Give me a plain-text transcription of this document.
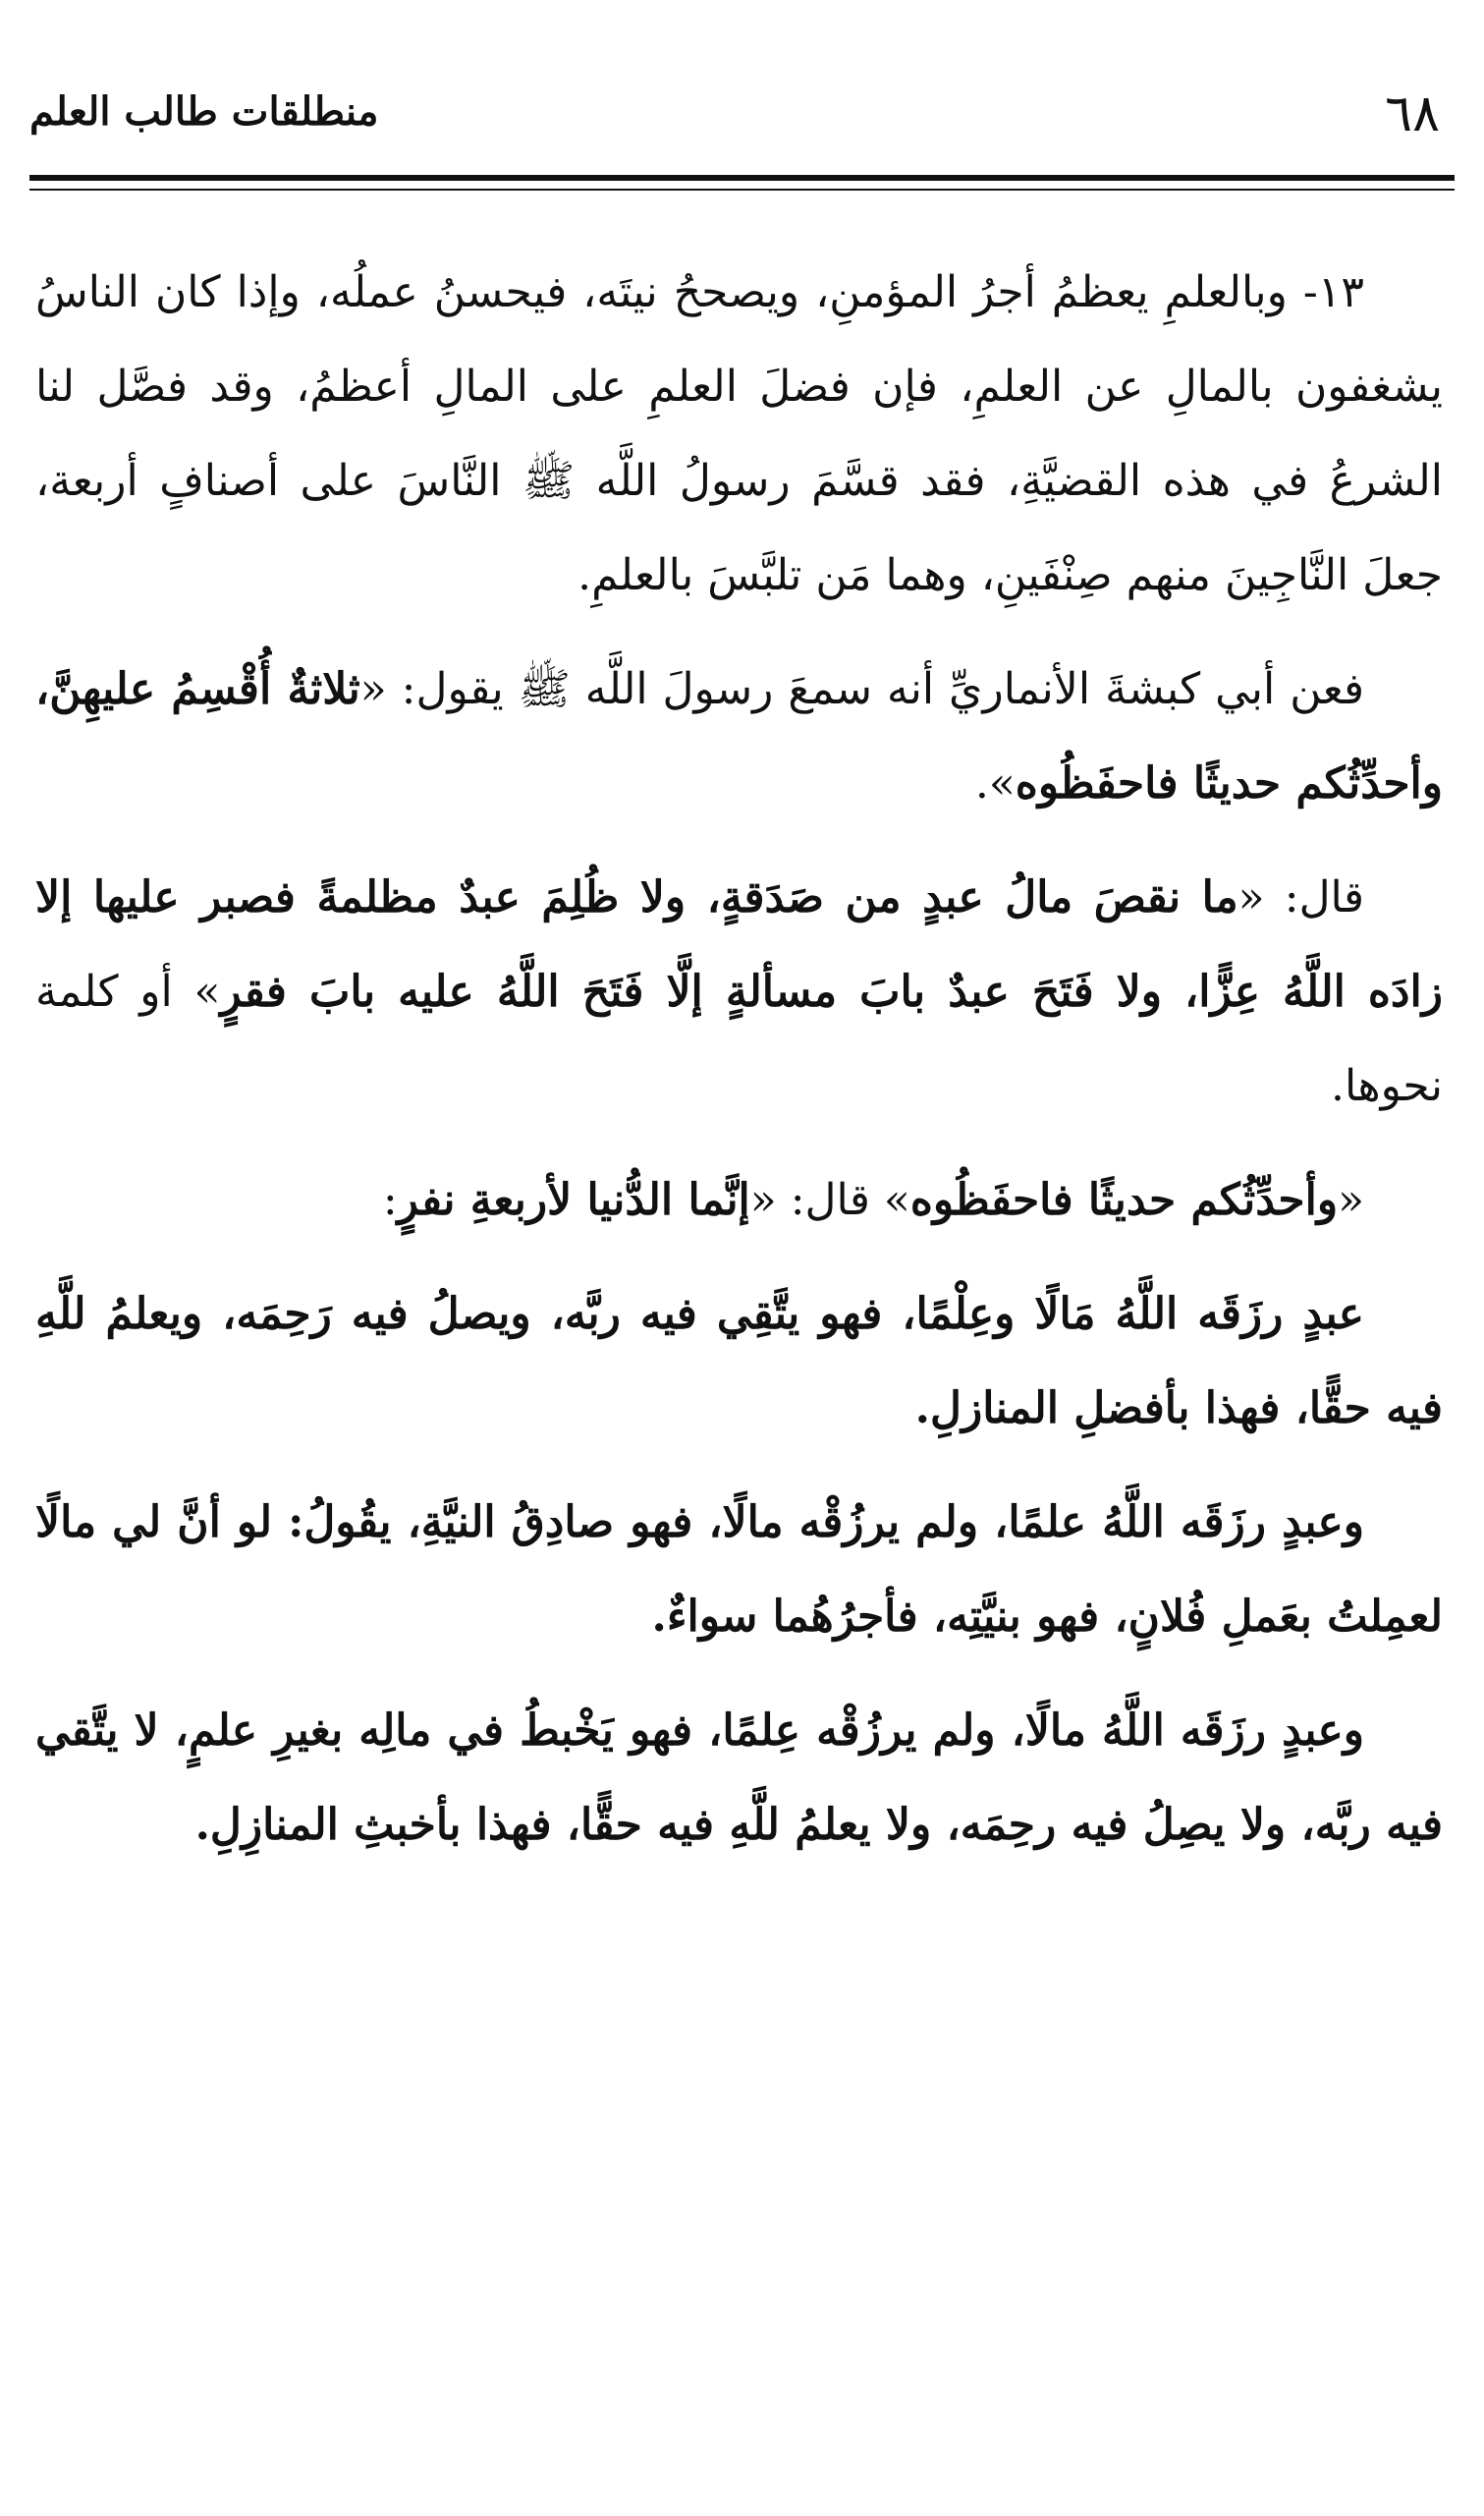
٦٨
منطلقات طالب العلم

١٣- وبالعلمِ يعظمُ أجرُ المؤمنِ، ويصححُ نيتَه، فيحسنُ عملُه، وإذا كان الناسُ يشغفون بالمالِ عن العلمِ، فإن فضلَ العلمِ على المالِ أعظمُ، وقد فصَّل لنا الشرعُ في هذه القضيَّةِ، فقد قسَّمَ رسولُ اللَّه ﷺ النَّاسَ على أصنافٍ أربعة، جعلَ النَّاجِينَ منهم صِنْفَينِ، وهما مَن تلبَّسَ بالعلمِ.

فعن أبي كبشةَ الأنماريِّ أنه سمعَ رسولَ اللَّه ﷺ يقول: «ثلاثةٌ أُقْسِمُ عليهِنَّ، وأحدِّثُكم حديثًا فاحفَظُوه».

قال: «ما نقصَ مالُ عبدٍ من صَدَقةٍ، ولا ظُلِمَ عبدٌ مظلمةً فصبر عليها إلا زادَه اللَّهُ عِزًّا، ولا فَتَحَ عبدٌ بابَ مسألةٍ إلَّا فَتَحَ اللَّهُ عليه بابَ فقرٍ» أو كلمة نحوها.

«وأحدِّثُكم حديثًا فاحفَظُوه» قال: «إنَّما الدُّنيا لأربعةِ نفرٍ:

عبدٍ رزَقَه اللَّهُ مَالًا وعِلْمًا، فهو يتَّقِي فيه ربَّه، ويصلُ فيه رَحِمَه، ويعلمُ للَّهِ فيه حقًّا، فهذا بأفضلِ المنازلِ.

وعبدٍ رزَقَه اللَّهُ علمًا، ولم يرزُقْه مالًا، فهو صادِقُ النيَّةِ، يقُولُ: لو أنَّ لي مالًا لعمِلتُ بعَملِ فُلانٍ، فهو بنيَّتِه، فأجرُهُما سواءٌ.

وعبدٍ رزَقَه اللَّهُ مالًا، ولم يرزُقْه عِلمًا، فهو يَخْبطُ في مالِه بغيرِ علمٍ، لا يتَّقي فيه ربَّه، ولا يصِلُ فيه رحِمَه، ولا يعلمُ للَّهِ فيه حقًّا، فهذا بأخبثِ المنازِلِ.
